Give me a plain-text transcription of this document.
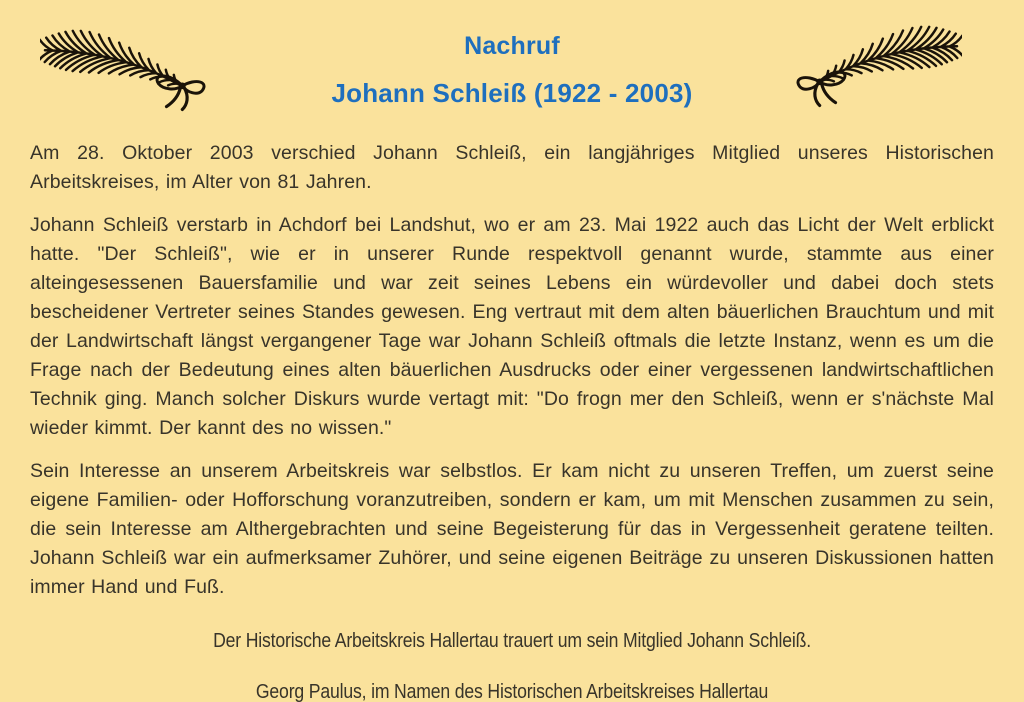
Nachruf
Johann Schleiß (1922 - 2003)

Am 28. Oktober 2003 verschied Johann Schleiß, ein langjähriges Mitglied unseres Historischen Arbeitskreises, im Alter von 81 Jahren.

Johann Schleiß verstarb in Achdorf bei Landshut, wo er am 23. Mai 1922 auch das Licht der Welt erblickt hatte. "Der Schleiß", wie er in unserer Runde respektvoll genannt wurde, stammte aus einer alteingesessenen Bauersfamilie und war zeit seines Lebens ein würdevoller und dabei doch stets bescheidener Vertreter seines Standes gewesen. Eng vertraut mit dem alten bäuerlichen Brauchtum und mit der Landwirtschaft längst vergangener Tage war Johann Schleiß oftmals die letzte Instanz, wenn es um die Frage nach der Bedeutung eines alten bäuerlichen Ausdrucks oder einer vergessenen landwirtschaftlichen Technik ging. Manch solcher Diskurs wurde vertagt mit: "Do frogn mer den Schleiß, wenn er s'nächste Mal wieder kimmt. Der kannt des no wissen."

Sein Interesse an unserem Arbeitskreis war selbstlos. Er kam nicht zu unseren Treffen, um zuerst seine eigene Familien- oder Hofforschung voranzutreiben, sondern er kam, um mit Menschen zusammen zu sein, die sein Interesse am Althergebrachten und seine Begeisterung für das in Vergessenheit geratene teilten. Johann Schleiß war ein aufmerksamer Zuhörer, und seine eigenen Beiträge zu unseren Diskussionen hatten immer Hand und Fuß.

Der Historische Arbeitskreis Hallertau trauert um sein Mitglied Johann Schleiß.
Georg Paulus, im Namen des Historischen Arbeitskreises Hallertau
